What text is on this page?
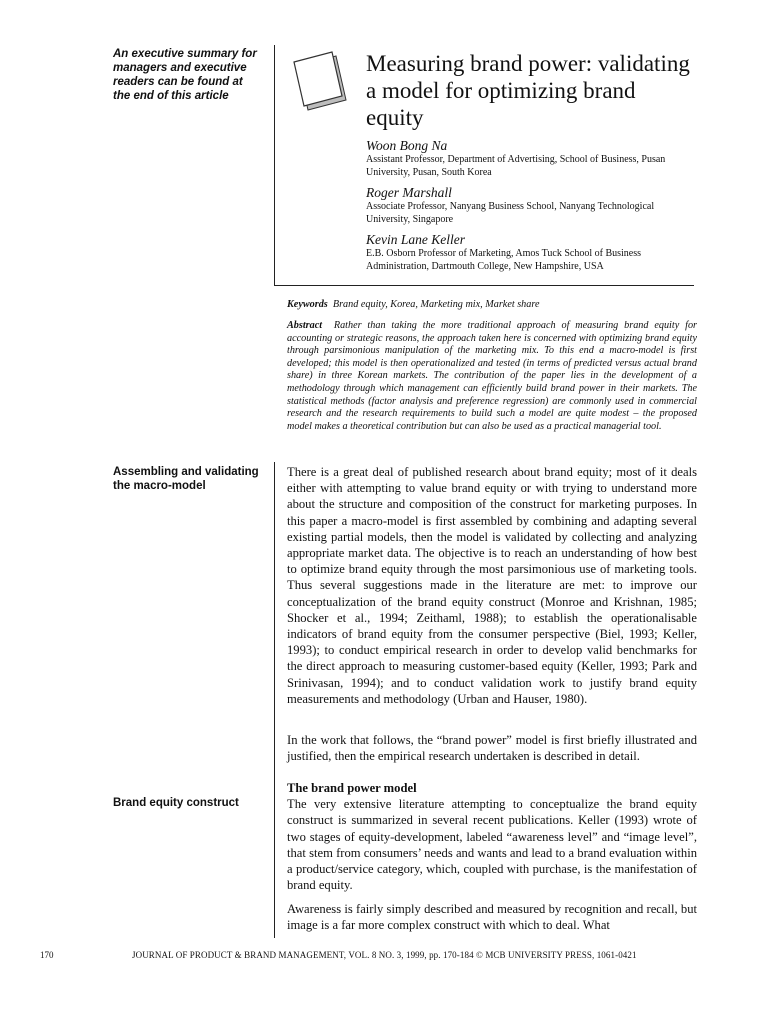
An executive summary for managers and executive readers can be found at the end of this article
Assembling and validating the macro-model
Brand equity construct
Measuring brand power: validating a model for optimizing brand equity
Woon Bong Na
Assistant Professor, Department of Advertising, School of Business, Pusan University, Pusan, South Korea
Roger Marshall
Associate Professor, Nanyang Business School, Nanyang Technological University, Singapore
Kevin Lane Keller
E.B. Osborn Professor of Marketing, Amos Tuck School of Business Administration, Dartmouth College, New Hampshire, USA
Keywords Brand equity, Korea, Marketing mix, Market share
Abstract Rather than taking the more traditional approach of measuring brand equity for accounting or strategic reasons, the approach taken here is concerned with optimizing brand equity through parsimonious manipulation of the marketing mix. To this end a macro-model is first developed; this model is then operationalized and tested (in terms of predicted versus actual brand share) in three Korean markets. The contribution of the paper lies in the development of a methodology through which management can efficiently build brand power in their markets. The statistical methods (factor analysis and preference regression) are commonly used in commercial research and the research requirements to build such a model are quite modest – the proposed model makes a theoretical contribution but can also be used as a practical managerial tool.

There is a great deal of published research about brand equity; most of it deals either with attempting to value brand equity or with trying to understand more about the structure and composition of the construct for marketing purposes. In this paper a macro-model is first assembled by combining and adapting several existing partial models, then the model is validated by collecting and analyzing appropriate market data. The objective is to reach an understanding of how best to optimize brand equity through the most parsimonious use of marketing tools. Thus several suggestions made in the literature are met: to improve our conceptualization of the brand equity construct (Monroe and Krishnan, 1985; Shocker et al., 1994; Zeithaml, 1988); to establish the operationalisable indicators of brand equity from the consumer perspective (Biel, 1993; Keller, 1993); to conduct empirical research in order to develop valid benchmarks for the direct approach to measuring customer-based equity (Keller, 1993; Park and Srinivasan, 1994); and to conduct validation work to justify brand equity measurements and methodology (Urban and Hauser, 1980).

In the work that follows, the “brand power” model is first briefly illustrated and justified, then the empirical research undertaken is described in detail.

The brand power model

The very extensive literature attempting to conceptualize the brand equity construct is summarized in several recent publications. Keller (1993) wrote of two stages of equity-development, labeled “awareness level” and “image level”, that stem from consumers’ needs and wants and lead to a brand evaluation within a product/service category, which, coupled with purchase, is the manifestation of brand equity.

Awareness is fairly simply described and measured by recognition and recall, but image is a far more complex construct with which to deal. What

170	JOURNAL OF PRODUCT & BRAND MANAGEMENT, VOL. 8 NO. 3, 1999, pp. 170-184 © MCB UNIVERSITY PRESS, 1061-0421
